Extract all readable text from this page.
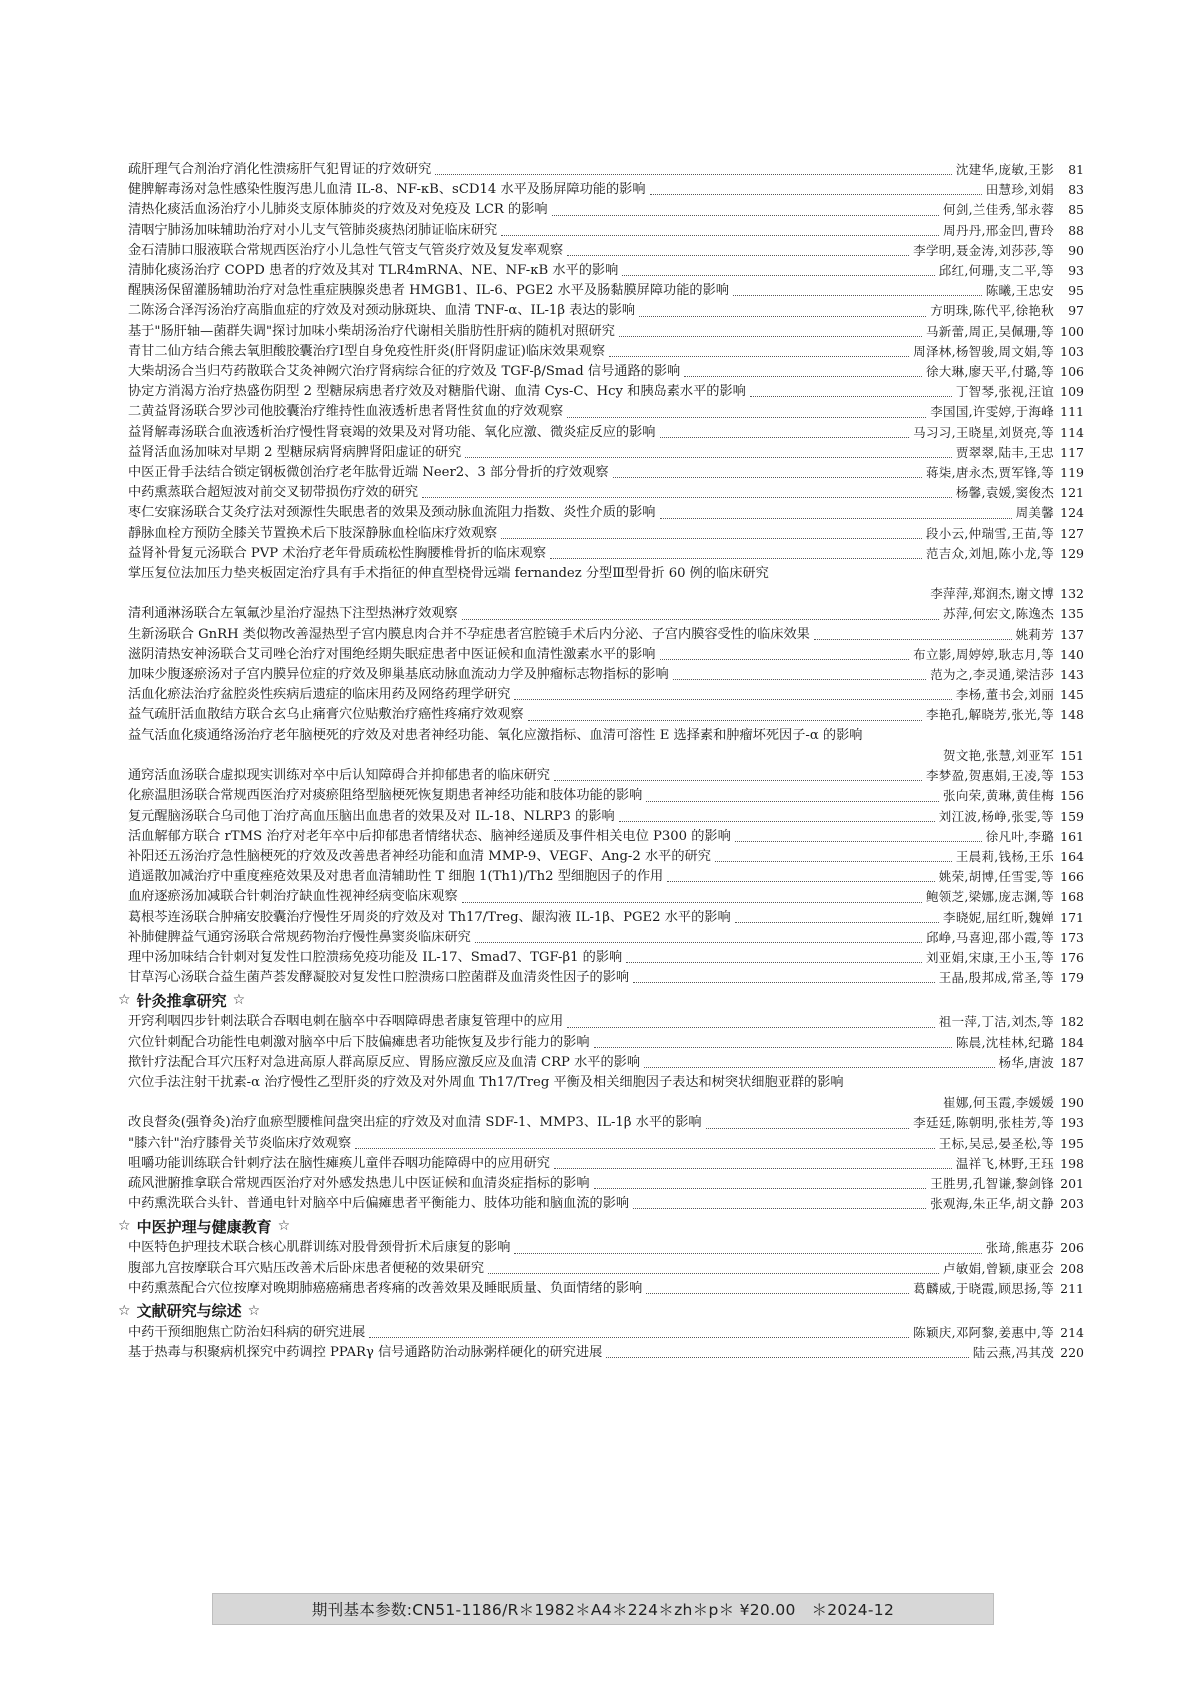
疏肝理气合剂治疗消化性溃疡肝气犯胃证的疗效研究	沈建华,庞敏,王影	81
健脾解毒汤对急性感染性腹泻患儿血清 IL-8、NF-κB、sCD14 水平及肠屏障功能的影响	田慧珍,刘娟	83
清热化痰活血汤治疗小儿肺炎支原体肺炎的疗效及对免疫及 LCR 的影响	何剑,兰佳秀,邹永蓉	85
清咽宁肺汤加味辅助治疗对小儿支气管肺炎痰热闭肺证临床研究	周丹丹,邢金凹,曹玲	88
金石清肺口服液联合常规西医治疗小儿急性气管支气管炎疗效及复发率观察	李学明,聂金涛,刘莎莎,等	90
清肺化痰汤治疗 COPD 患者的疗效及其对 TLR4mRNA、NE、NF-κB 水平的影响	邱红,何珊,支二平,等	93
醒胰汤保留灌肠辅助治疗对急性重症胰腺炎患者 HMGB1、IL-6、PGE2 水平及肠黏膜屏障功能的影响	陈曦,王忠安	95
二陈汤合泽泻汤治疗高脂血症的疗效及对颈动脉斑块、血清 TNF-α、IL-1β 表达的影响	方明珠,陈代平,徐艳秋	97
基于"肠肝轴—菌群失调"探讨加味小柴胡汤治疗代谢相关脂肪性肝病的随机对照研究	马新蕾,周正,吴佩珊,等 100
青甘二仙方结合熊去氧胆酸胶囊治疗Ⅰ型自身免疫性肝炎(肝肾阴虚证)临床效果观察	周泽林,杨智骏,周文娟,等 103
大柴胡汤合当归芍药散联合艾灸神阙穴治疗肾病综合征的疗效及 TGF-β/Smad 信号通路的影响	徐大琳,廖天平,付璐,等 106
协定方消渴方治疗热盛伤阴型 2 型糖尿病患者疗效及对糖脂代谢、血清 Cys-C、Hcy 和胰岛素水平的影响	丁智琴,张视,汪谊 109
二黄益肾汤联合罗沙司他胶囊治疗维持性血液透析患者肾性贫血的疗效观察	李国国,许雯婷,于海峰 111
益肾解毒汤联合血液透析治疗慢性肾衰竭的效果及对肾功能、氧化应激、微炎症反应的影响	马习习,王晓星,刘贤亮,等 114
益肾活血汤加味对早期 2 型糖尿病肾病脾肾阳虚证的研究	贾翠翠,陆丰,王忠 117
中医正骨手法结合锁定钢板微创治疗老年肱骨近端 Neer2、3 部分骨折的疗效观察	蒋柒,唐永杰,贾军锋,等 119
中药熏蒸联合超短波对前交叉韧带损伤疗效的研究	杨馨,袁媛,窦俊杰 121
枣仁安寐汤联合艾灸疗法对颈源性失眠患者的效果及颈动脉血流阻力指数、炎性介质的影响	周美馨 124
靜脉血栓方预防全膝关节置换术后下肢深静脉血栓临床疗效观察	段小云,仲瑞雪,王苗,等 127
益肾补骨复元汤联合 PVP 术治疗老年骨质疏松性胸腰椎骨折的临床观察	范吉众,刘旭,陈小龙,等 129
掌压复位法加压力垫夹板固定治疗具有手术指征的伸直型桡骨远端 fernandez 分型Ⅲ型骨折 60 例的临床研究
李萍萍,郑润杰,谢文博 132
清利通淋汤联合左氧氟沙星治疗湿热下注型热淋疗效观察	苏萍,何宏文,陈逸杰 135
生新汤联合 GnRH 类似物改善湿热型子宫内膜息肉合并不孕症患者宫腔镜手术后内分泌、子宫内膜容受性的临床效果	姚莉芳 137
滋阴清热安神汤联合艾司唑仑治疗对围绝经期失眠症患者中医证候和血清性激素水平的影响	布立影,周婷婷,耿志月,等 140
加味少腹逐瘀汤对子宫内膜异位症的疗效及卵巢基底动脉血流动力学及肿瘤标志物指标的影响	范为之,李灵通,梁洁莎 143
活血化瘀法治疗盆腔炎性疾病后遗症的临床用药及网络药理学研究	李杨,董书会,刘丽 145
益气疏肝活血散结方联合玄乌止痛膏穴位贴敷治疗癌性疼痛疗效观察	李艳孔,解晓芳,张光,等 148
益气活血化痰通络汤治疗老年脑梗死的疗效及对患者神经功能、氧化应激指标、血清可溶性 E 选择素和肿瘤坏死因子-α 的影响
贺文艳,张慧,刘亚军 151
通窍活血汤联合虚拟现实训练对卒中后认知障碍合并抑郁患者的临床研究	李梦盈,贺惠娟,王凌,等 153
化瘀温胆汤联合常规西医治疗对痰瘀阻络型脑梗死恢复期患者神经功能和肢体功能的影响	张向荣,黄琳,黄佳梅 156
复元醒脑汤联合乌司他丁治疗高血压脑出血患者的效果及对 IL-18、NLRP3 的影响	刘江波,杨峥,张雯,等 159
活血解郁方联合 rTMS 治疗对老年卒中后抑郁患者情绪状态、脑神经递质及事件相关电位 P300 的影响	徐凡叶,李璐 161
补阳还五汤治疗急性脑梗死的疗效及改善患者神经功能和血清 MMP-9、VEGF、Ang-2 水平的研究	王晨莉,钱杨,王乐 164
逍遥散加减治疗中重度痤疮效果及对患者血清辅助性 T 细胞 1(Th1)/Th2 型细胞因子的作用	姚荣,胡博,任雪雯,等 166
血府逐瘀汤加减联合针刺治疗缺血性视神经病变临床观察	鲍领芝,梁娜,庞志渊,等 168
葛根芩连汤联合肿痛安胶囊治疗慢性牙周炎的疗效及对 Th17/Treg、龈沟液 IL-1β、PGE2 水平的影响	李晓妮,屈红昕,魏婵 171
补肺健脾益气通窍汤联合常规药物治疗慢性鼻窦炎临床研究	邱峥,马喜迎,邵小霞,等 173
理中汤加味结合针刺对复发性口腔溃疡免疫功能及 IL-17、Smad7、TGF-β1 的影响	刘亚娟,宋康,王小玉,等 176
甘草泻心汤联合益生菌芦荟发酵凝胶对复发性口腔溃疡口腔菌群及血清炎性因子的影响	王晶,殷邦成,常圣,等 179
☆ 针灸推拿研究 ☆
开窍利咽四步针刺法联合吞咽电刺在脑卒中吞咽障碍患者康复管理中的应用	祖一萍,丁洁,刘杰,等 182
穴位针刺配合功能性电刺激对脑卒中后下肢偏瘫患者功能恢复及步行能力的影响	陈晨,沈桂林,纪璐 184
揿针疗法配合耳穴压籽对急进高原人群高原反应、胃肠应激反应及血清 CRP 水平的影响	杨华,唐波 187
穴位手法注射干扰素-α 治疗慢性乙型肝炎的疗效及对外周血 Th17/Treg 平衡及相关细胞因子表达和树突状细胞亚群的影响
崔娜,何玉霞,李媛媛 190
改良督灸(强脊灸)治疗血瘀型腰椎间盘突出症的疗效及对血清 SDF-1、MMP3、IL-1β 水平的影响	李廷廷,陈朝明,张桂芳,等 193
"膝六针"治疗膝骨关节炎临床疗效观察	王标,吴忌,晏圣松,等 195
咀嚼功能训练联合针刺疗法在脑性瘫痪儿童伴吞咽功能障碍中的应用研究	温祥飞,林野,王珏 198
疏风泄腑推拿联合常规西医治疗对外感发热患儿中医证候和血清炎症指标的影响	王胜男,孔智谦,黎剑锋 201
中药熏洗联合头针、普通电针对脑卒中后偏瘫患者平衡能力、肢体功能和脑血流的影响	张观海,朱正华,胡文静 203
☆ 中医护理与健康教育 ☆
中医特色护理技术联合核心肌群训练对股骨颈骨折术后康复的影响	张琦,熊惠芬 206
腹部九宫按摩联合耳穴贴压改善术后卧床患者便秘的效果研究	卢敏娟,曾颖,康亚会 208
中药熏蒸配合穴位按摩对晚期肺癌癌痛患者疼痛的改善效果及睡眠质量、负面情绪的影响	葛麟威,于晓霞,顾思扬,等 211
☆ 文献研究与综述 ☆
中药干预细胞焦亡防治妇科病的研究进展	陈颖庆,邓阿黎,姜惠中,等 214
基于热毒与积聚病机探究中药调控 PPARγ 信号通路防治动脉粥样硬化的研究进展	陆云燕,冯其茂 220
期刊基本参数:CN51-1186/R＊1982＊A4＊224＊zh＊p＊ ¥20.00　＊2024-12
